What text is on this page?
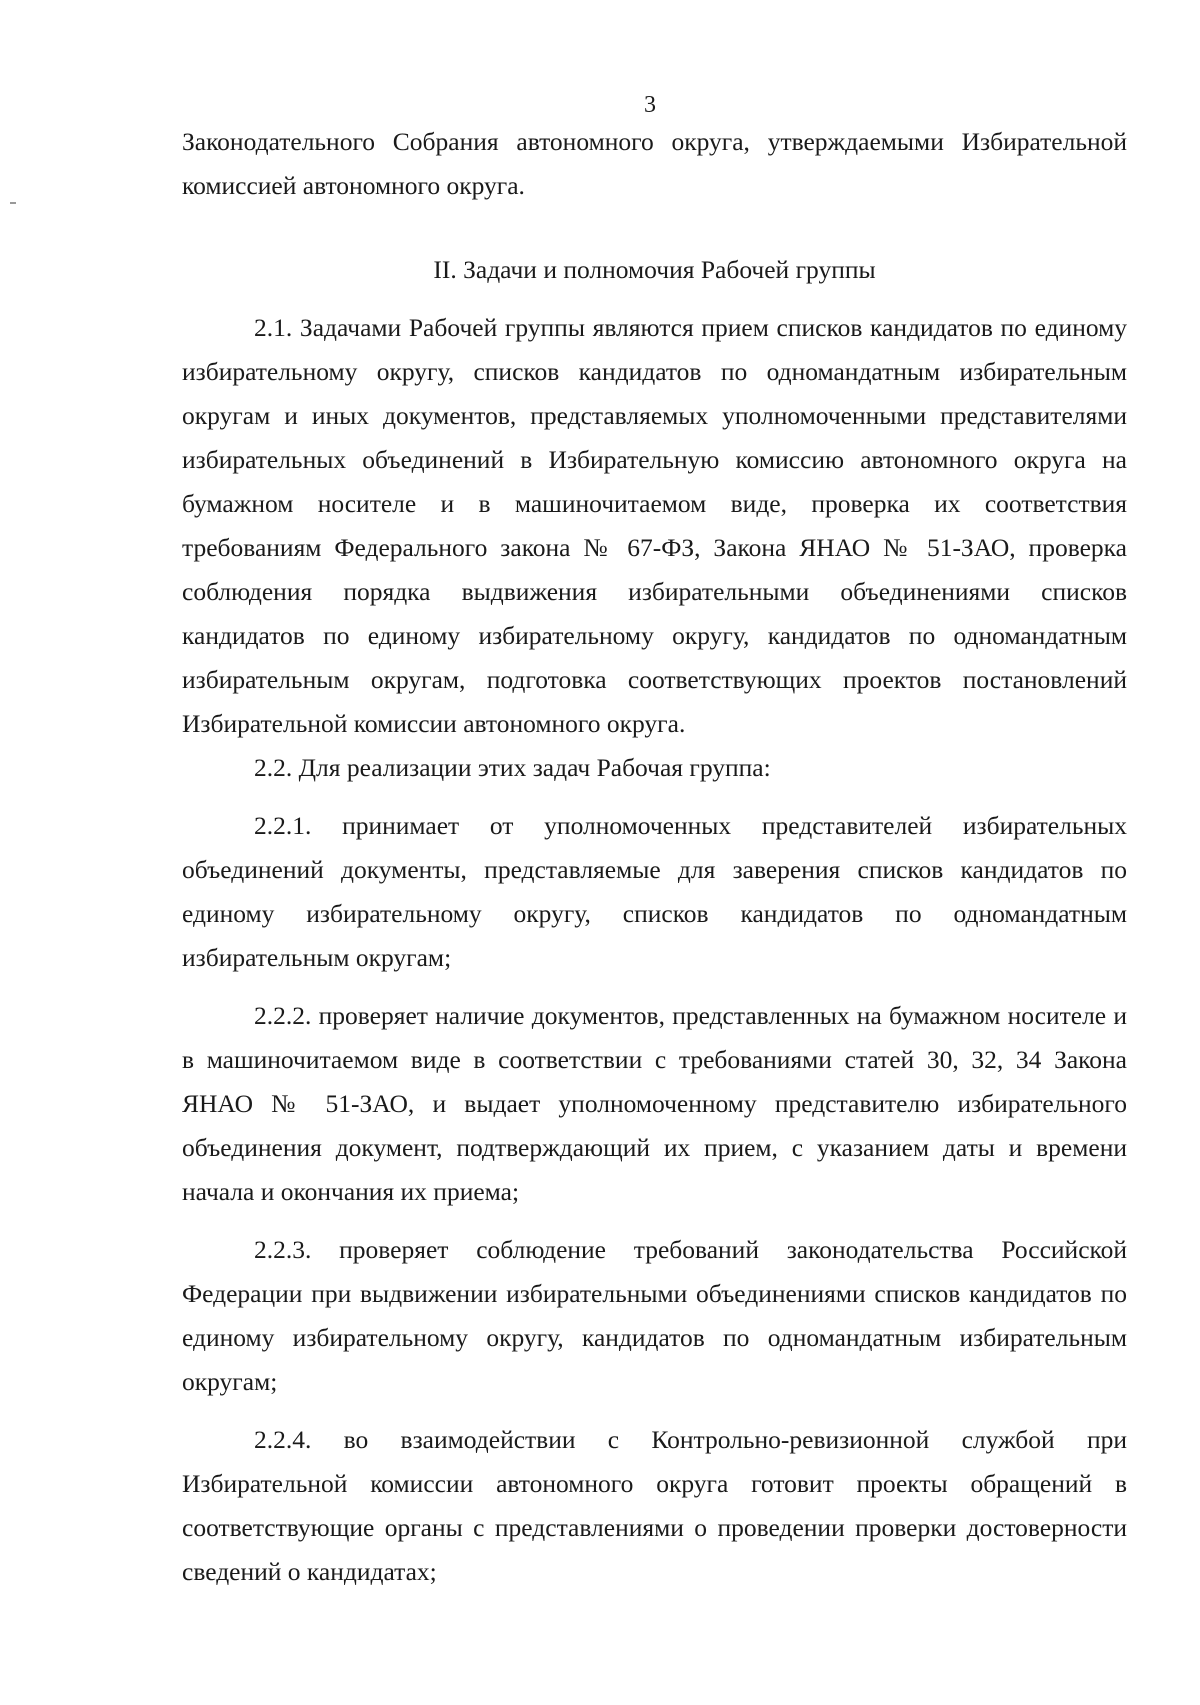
3

Законодательного Собрания автономного округа, утверждаемыми Избирательной комиссией автономного округа.

II. Задачи и полномочия Рабочей группы

2.1. Задачами Рабочей группы являются прием списков кандидатов по единому избирательному округу, списков кандидатов по одномандатным избирательным округам и иных документов, представляемых уполномоченными представителями избирательных объединений в Избирательную комиссию автономного округа на бумажном носителе и в машиночитаемом виде, проверка их соответствия требованиям Федерального закона № 67-ФЗ, Закона ЯНАО № 51-ЗАО, проверка соблюдения порядка выдвижения избирательными объединениями списков кандидатов по единому избирательному округу, кандидатов по одномандатным избирательным округам, подготовка соответствующих проектов постановлений Избирательной комиссии автономного округа.

2.2. Для реализации этих задач Рабочая группа:

2.2.1. принимает от уполномоченных представителей избирательных объединений документы, представляемые для заверения списков кандидатов по единому избирательному округу, списков кандидатов по одномандатным избирательным округам;

2.2.2. проверяет наличие документов, представленных на бумажном носителе и в машиночитаемом виде в соответствии с требованиями статей 30, 32, 34 Закона ЯНАО № 51-ЗАО, и выдает уполномоченному представителю избирательного объединения документ, подтверждающий их прием, с указанием даты и времени начала и окончания их приема;

2.2.3. проверяет соблюдение требований законодательства Российской Федерации при выдвижении избирательными объединениями списков кандидатов по единому избирательному округу, кандидатов по одномандатным избирательным округам;

2.2.4. во взаимодействии с Контрольно-ревизионной службой при Избирательной комиссии автономного округа готовит проекты обращений в соответствующие органы с представлениями о проведении проверки достоверности сведений о кандидатах;
